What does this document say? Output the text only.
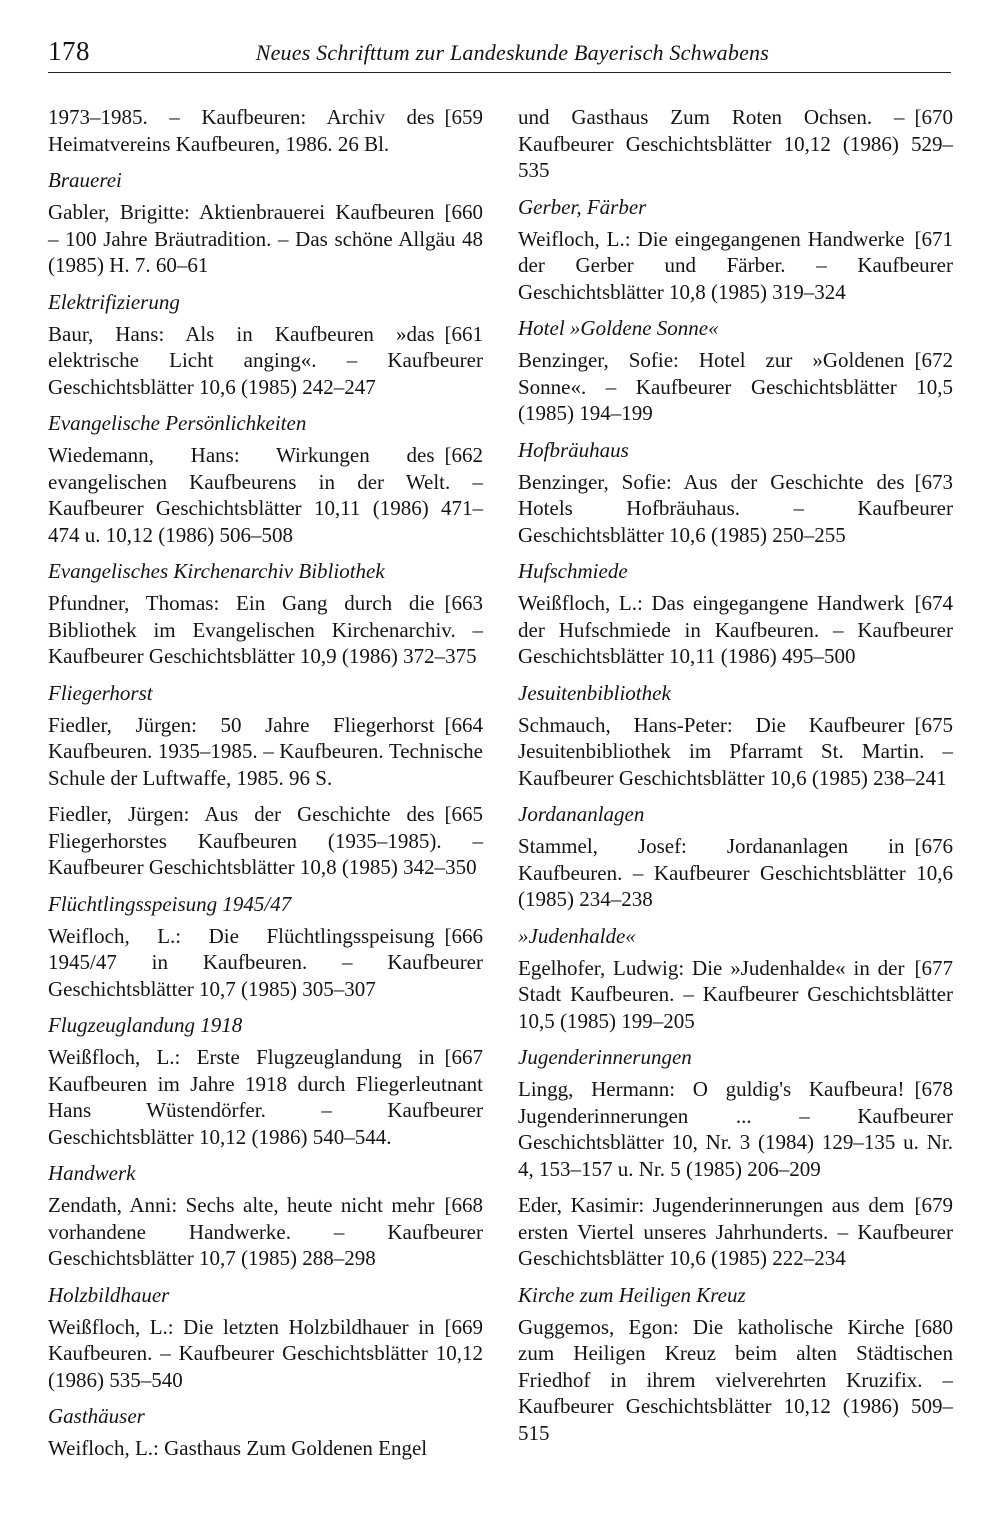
178	Neues Schrifttum zur Landeskunde Bayerisch Schwabens
[ 659
1973–1985. – Kaufbeuren: Archiv des Heimatvereins Kaufbeuren, 1986. 26 Bl.
Brauerei
[ 660
Gabler, Brigitte: Aktienbrauerei Kaufbeuren – 100 Jahre Bräutradition. – Das schöne Allgäu 48 (1985) H. 7. 60–61
Elektrifizierung
[ 661
Baur, Hans: Als in Kaufbeuren »das elektrische Licht anging«. – Kaufbeurer Geschichtsblätter 10,6 (1985) 242–247
Evangelische Persönlichkeiten
[ 662
Wiedemann, Hans: Wirkungen des evangelischen Kaufbeurens in der Welt. – Kaufbeurer Geschichtsblätter 10,11 (1986) 471–474 u. 10,12 (1986) 506–508
Evangelisches Kirchenarchiv Bibliothek
[ 663
Pfundner, Thomas: Ein Gang durch die Bibliothek im Evangelischen Kirchenarchiv. – Kaufbeurer Geschichtsblätter 10,9 (1986) 372–375
Fliegerhorst
[ 664
Fiedler, Jürgen: 50 Jahre Fliegerhorst Kaufbeuren. 1935–1985. – Kaufbeuren. Technische Schule der Luftwaffe, 1985. 96 S.
[ 665
Fiedler, Jürgen: Aus der Geschichte des Fliegerhorstes Kaufbeuren (1935–1985). – Kaufbeurer Geschichtsblätter 10,8 (1985) 342–350
Flüchtlingsspeisung 1945/47
[ 666
Weifloch, L.: Die Flüchtlingsspeisung 1945/47 in Kaufbeuren. – Kaufbeurer Geschichtsblätter 10,7 (1985) 305–307
Flugzeuglandung 1918
[ 667
Weißfloch, L.: Erste Flugzeuglandung in Kaufbeuren im Jahre 1918 durch Fliegerleutnant Hans Wüstendörfer. – Kaufbeurer Geschichtsblätter 10,12 (1986) 540–544.
Handwerk
[ 668
Zendath, Anni: Sechs alte, heute nicht mehr vorhandene Handwerke. – Kaufbeurer Geschichtsblätter 10,7 (1985) 288–298
Holzbildhauer
[ 669
Weißfloch, L.: Die letzten Holzbildhauer in Kaufbeuren. – Kaufbeurer Geschichtsblätter 10,12 (1986) 535–540
Gasthäuser
Weifloch, L.: Gasthaus Zum Goldenen Engel
[ 670
und Gasthaus Zum Roten Ochsen. – Kaufbeurer Geschichtsblätter 10,12 (1986) 529–535
Gerber, Färber
[ 671
Weifloch, L.: Die eingegangenen Handwerke der Gerber und Färber. – Kaufbeurer Geschichtsblätter 10,8 (1985) 319–324
Hotel »Goldene Sonne«
[ 672
Benzinger, Sofie: Hotel zur »Goldenen Sonne«. – Kaufbeurer Geschichtsblätter 10,5 (1985) 194–199
Hofbräuhaus
[ 673
Benzinger, Sofie: Aus der Geschichte des Hotels Hofbräuhaus. – Kaufbeurer Geschichtsblätter 10,6 (1985) 250–255
Hufschmiede
[ 674
Weißfloch, L.: Das eingegangene Handwerk der Hufschmiede in Kaufbeuren. – Kaufbeurer Geschichtsblätter 10,11 (1986) 495–500
Jesuitenbibliothek
[ 675
Schmauch, Hans-Peter: Die Kaufbeurer Jesuitenbibliothek im Pfarramt St. Martin. – Kaufbeurer Geschichtsblätter 10,6 (1985) 238–241
Jordananlagen
[ 676
Stammel, Josef: Jordananlagen in Kaufbeuren. – Kaufbeurer Geschichtsblätter 10,6 (1985) 234–238
»Judenhalde«
[ 677
Egelhofer, Ludwig: Die »Judenhalde« in der Stadt Kaufbeuren. – Kaufbeurer Geschichtsblätter 10,5 (1985) 199–205
Jugenderinnerungen
[ 678
Lingg, Hermann: O guldig's Kaufbeura! Jugenderinnerungen ... – Kaufbeurer Geschichtsblätter 10, Nr. 3 (1984) 129–135 u. Nr. 4, 153–157 u. Nr. 5 (1985) 206–209
[ 679
Eder, Kasimir: Jugenderinnerungen aus dem ersten Viertel unseres Jahrhunderts. – Kaufbeurer Geschichtsblätter 10,6 (1985) 222–234
Kirche zum Heiligen Kreuz
[ 680
Guggemos, Egon: Die katholische Kirche zum Heiligen Kreuz beim alten Städtischen Friedhof in ihrem vielverehrten Kruzifix. – Kaufbeurer Geschichtsblätter 10,12 (1986) 509–515
